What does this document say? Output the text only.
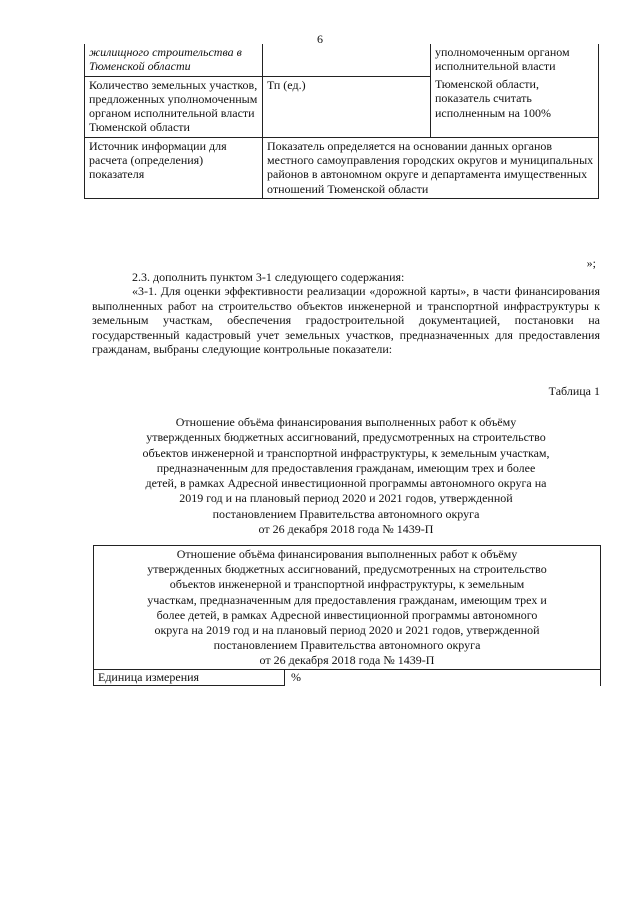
6
жилищного строительства в Тюменской области		уполномоченным органом исполнительной власти
Количество земельных участков, предложенных уполномоченным органом исполнительной власти Тюменской области	Тп (ед.)	Тюменской области, показатель считать исполненным на 100%
Источник информации для расчета (определения) показателя	Показатель определяется на основании данных органов местного самоуправления городских округов и муниципальных районов в автономном округе и департамента имущественных отношений Тюменской области	
»;
2.3. дополнить пунктом 3-1 следующего содержания:
«3-1. Для оценки эффективности реализации «дорожной карты», в части финансирования выполненных работ на строительство объектов инженерной и транспортной инфраструктуры к земельным участкам, обеспечения градостроительной документацией, постановки на государственный кадастровый учет земельных участков, предназначенных для предоставления гражданам, выбраны следующие контрольные показатели:
Таблица 1
Отношение объёма финансирования выполненных работ к объёму
утвержденных бюджетных ассигнований, предусмотренных на строительство
объектов инженерной и транспортной инфраструктуры, к земельным участкам,
предназначенным для предоставления гражданам, имеющим трех и более
детей, в рамках Адресной инвестиционной программы автономного округа на
2019 год и на плановый период 2020 и 2021 годов, утвержденной
постановлением Правительства автономного округа
от 26 декабря 2018 года № 1439-П
Отношение объёма финансирования выполненных работ к объёму
утвержденных бюджетных ассигнований, предусмотренных на строительство
объектов инженерной и транспортной инфраструктуры, к земельным
участкам, предназначенным для предоставления гражданам, имеющим трех и
более детей, в рамках Адресной инвестиционной программы автономного
округа на 2019 год и на плановый период 2020 и 2021 годов, утвержденной
постановлением Правительства автономного округа
от 26 декабря 2018 года № 1439-П
Единица измерения	%
